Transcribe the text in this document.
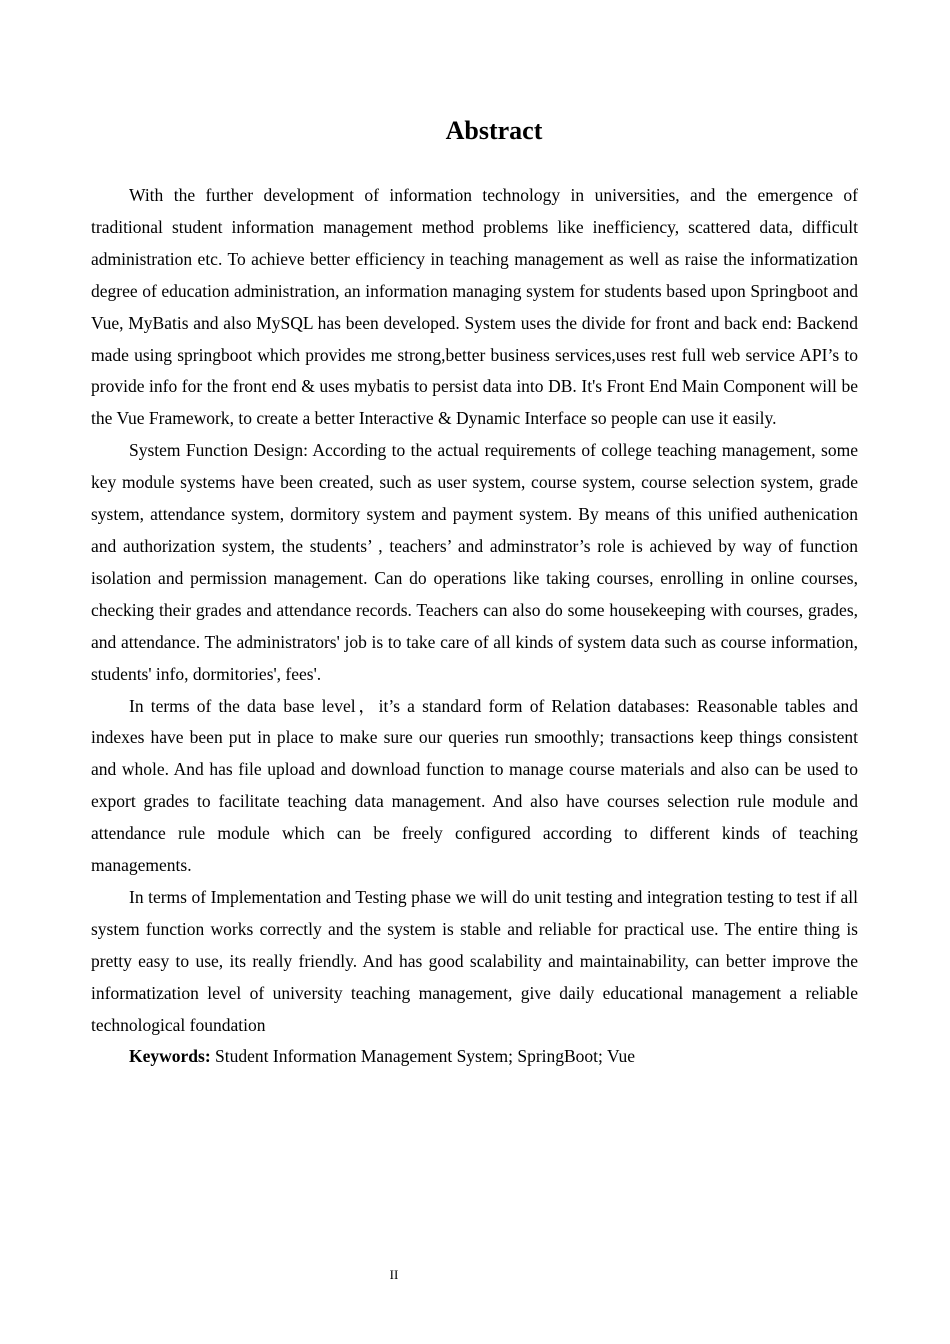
Abstract

With the further development of information technology in universities, and the emergence of traditional student information management method problems like inefficiency, scattered data, difficult administration etc. To achieve better efficiency in teaching management as well as raise the informatization degree of education administration, an information managing system for students based upon Springboot and Vue, MyBatis and also MySQL has been developed. System uses the divide for front and back end: Backend made using springboot which provides me strong,better business services,uses rest full web service API’s to provide info for the front end & uses mybatis to persist data into DB. It's Front End Main Component will be the Vue Framework, to create a better Interactive & Dynamic Interface so people can use it easily.

System Function Design: According to the actual requirements of college teaching management, some key module systems have been created, such as user system, course system, course selection system, grade system, attendance system, dormitory system and payment system. By means of this unified authenication and authorization system, the students’ , teachers’ and adminstrator’s role is achieved by way of function isolation and permission management. Can do operations like taking courses, enrolling in online courses, checking their grades and attendance records. Teachers can also do some housekeeping with courses, grades, and attendance. The administrators' job is to take care of all kinds of system data such as course information, students' info, dormitories', fees'.

In terms of the data base level，it’s a standard form of Relation databases: Reasonable tables and indexes have been put in place to make sure our queries run smoothly; transactions keep things consistent and whole. And has file upload and download function to manage course materials and also can be used to export grades to facilitate teaching data management. And also have courses selection rule module and attendance rule module which can be freely configured according to different kinds of teaching managements.

In terms of Implementation and Testing phase we will do unit testing and integration testing to test if all system function works correctly and the system is stable and reliable for practical use. The entire thing is pretty easy to use, its really friendly. And has good scalability and maintainability, can better improve the informatization level of university teaching management, give daily educational management a reliable technological foundation

Keywords: Student Information Management System; SpringBoot; Vue

II
